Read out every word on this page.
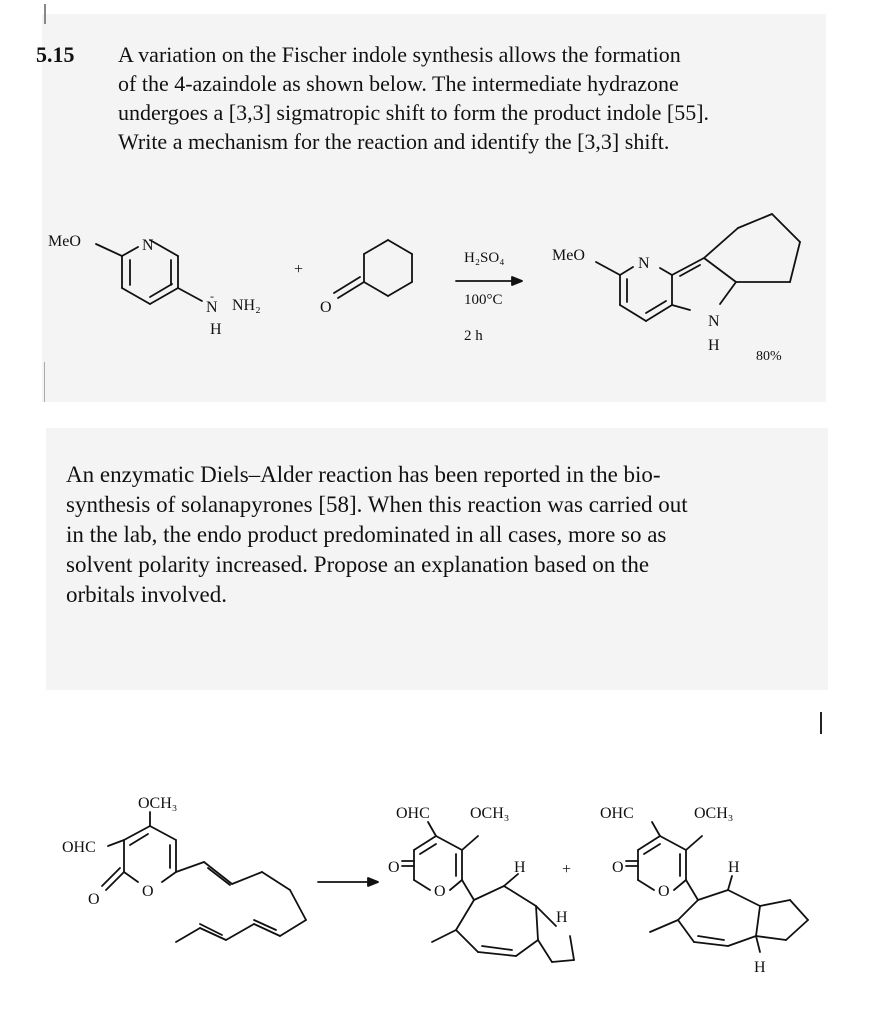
5.15 A variation on the Fischer indole synthesis allows the formation
of the 4-azaindole as shown below. The intermediate hydrazone
undergoes a [3,3] sigmatropic shift to form the product indole [55].
Write a mechanism for the reaction and identify the [3,3] shift.
An enzymatic Diels–Alder reaction has been reported in the bio-
synthesis of solanapyrones [58]. When this reaction was carried out
in the lab, the endo product predominated in all cases, more so as
solvent polarity increased. Propose an explanation based on the
orbitals involved.
MeO	N
N
-
NH₂
H
+
O
H₂SO₄
100°C
2 h
MeO	N
N
H
80%
OCH₃
OHC
O	O
OHC	OCH₃
O
O
H
H
+
OHC	OCH₃
O
O
H
H
